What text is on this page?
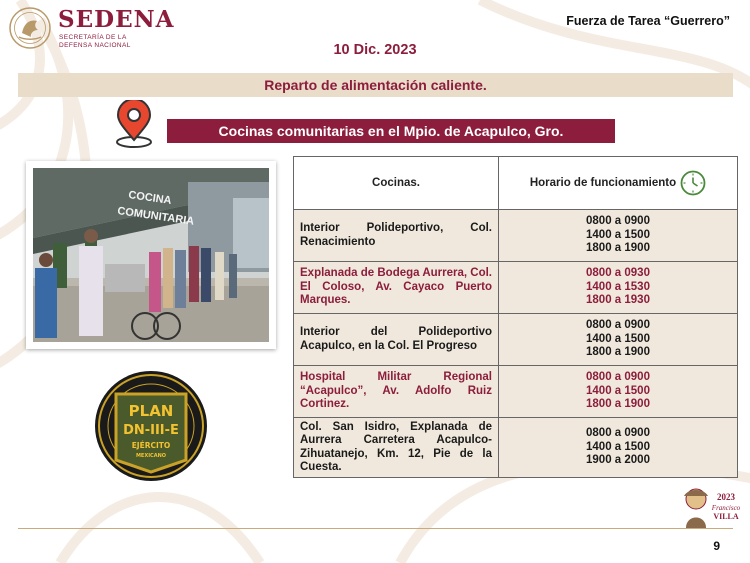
SEDENA
SECRETARÍA DE LA
DEFENSA NACIONAL
Fuerza de Tarea “Guerrero”
10 Dic. 2023
Reparto de alimentación caliente.
Cocinas comunitarias en el Mpio. de Acapulco, Gro.
COCINA
COMUNITARIA
PLAN
DN-III-E
EJÉRCITO
MEXICANO
Cocinas.	Horario de funcionamiento

Interior Polideportivo, Col. Renacimiento	0800 a 0900
1400 a 1500
1800 a 1900

Explanada de Bodega Aurrera, Col. El Coloso, Av. Cayaco Puerto Marques.	0800 a 0930
1400 a 1530
1800 a 1930

Interior del Polideportivo Acapulco, en la Col. El Progreso	0800 a 0900
1400 a 1500
1800 a 1900

Hospital Militar Regional “Acapulco”, Av. Adolfo Ruiz Cortinez.	0800 a 0900
1400 a 1500
1800 a 1900

Col. San Isidro, Explanada de Aurrera Carretera Acapulco-Zihuatanejo, Km. 12, Pie de la Cuesta.	0800 a 0900
1400 a 1500
1900 a 2000
2023
Francisco
VILLA
9
